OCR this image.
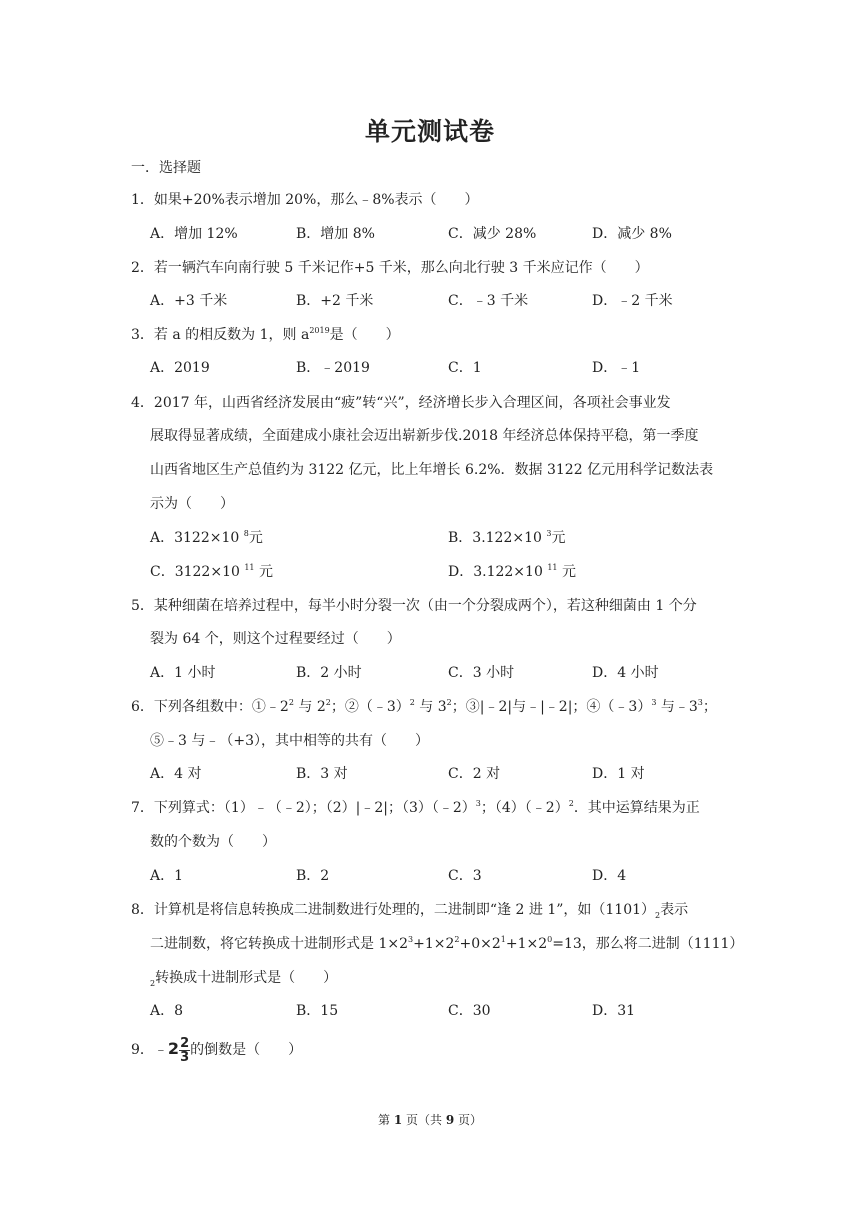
单元测试卷
一．选择题
1．如果+20%表示增加 20%，那么﹣8%表示（　　）
A．增加 12%	B．增加 8%	C．减少 28%	D．减少 8%
2．若一辆汽车向南行驶 5 千米记作+5 千米，那么向北行驶 3 千米应记作（　　）
A．+3 千米	B．+2 千米	C．﹣3 千米	D．﹣2 千米
3．若 a 的相反数为 1，则 $a^{2019}$是（　　）
A．2019	B．﹣2019	C．1	D．﹣1
4．2017 年，山西省经济发展由“疲”转“兴”，经济增长步入合理区间，各项社会事业发
展取得显著成绩，全面建成小康社会迈出崭新步伐.2018 年经济总体保持平稳，第一季度
山西省地区生产总值约为 3122 亿元，比上年增长 6.2%．数据 3122 亿元用科学记数法表
示为（　　）
A．3122×10 $^8$元	B．3.122×10 $^3$元
C．3122×10 $^{11}$ 元	D．3.122×10 $^{11}$ 元
5．某种细菌在培养过程中，每半小时分裂一次（由一个分裂成两个），若这种细菌由 1 个分
裂为 64 个，则这个过程要经过（　　）
A．1 小时	B．2 小时	C．3 小时	D．4 小时
6．下列各组数中：$①﹣2^2$ 与 $2^2$；②（﹣3）$^2$ 与 $3^2$；③|﹣2|与﹣|﹣2|；④（﹣3）$^3$ 与$﹣3^3$；
⑤﹣3 与﹣（+3），其中相等的共有（　　）
A．4 对	B．3 对	C．2 对	D．1 对
7．下列算式：（1）﹣（﹣2）；（2）|﹣2|；（3）（﹣2）$^3$；（4）（﹣2）$^2$．其中运算结果为正
数的个数为（　　）
A．1	B．2	C．3	D．4
8．计算机是将信息转换成二进制数进行处理的，二进制即“逢 2 进 1”，如$(1101)_2$表示
二进制数，将它转换成十进制形式是 $1\times 2^3+1\times 2^2+0\times 2^1+1\times 2^0=13$，那么将二进制（1111）
$_2$转换成十进制形式是（　　）
A．8	B．15	C．30	D．31
9．﹣2 $\frac{2}{3}$ 的倒数是（　　）
第 1 页（共 9 页）
